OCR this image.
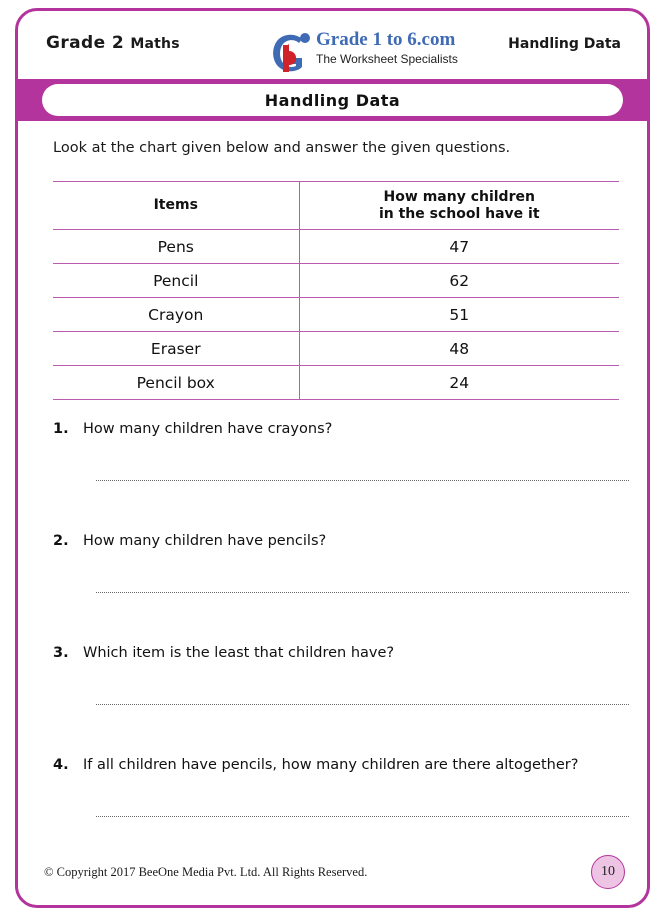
Grade 2 Maths	Grade 1 to 6.com
The Worksheet Specialists
Handling Data
Handling Data
Look at the chart given below and answer the given questions.
Items	How many children
in the school have it

Pens	47
Pencil	62
Crayon	51
Eraser	48
Pencil box	24
1. How many children have crayons?
2. How many children have pencils?
3. Which item is the least that children have?
4. If all children have pencils, how many children are there altogether?
© Copyright 2017 BeeOne Media Pvt. Ltd. All Rights Reserved.	10
